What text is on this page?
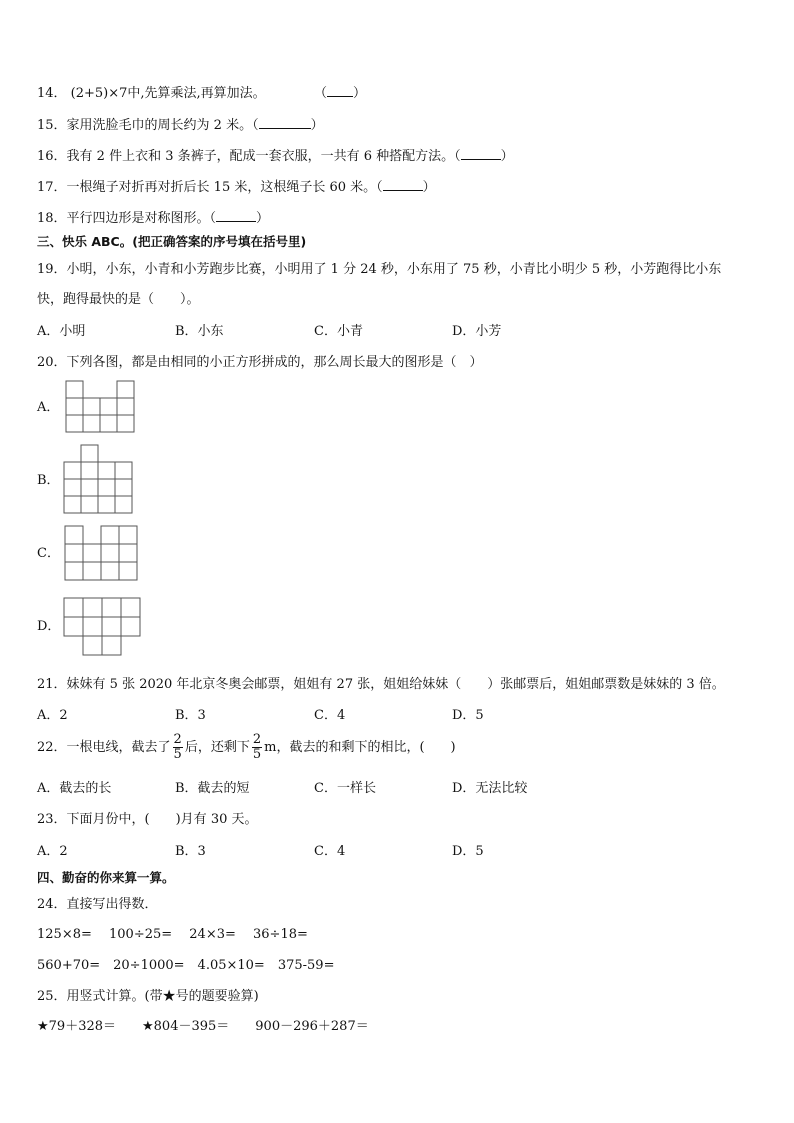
14． (2+5)×7中,先算乘法,再算加法。	（ ）
15．家用洗脸毛巾的周长约为 2 米。（	）
16．我有 2 件上衣和 3 条裤子，配成一套衣服，一共有 6 种搭配方法。（	）
17．一根绳子对折再对折后长 15 米，这根绳子长 60 米。（	）
18．平行四边形是对称图形。（	）
三、快乐 ABC。(把正确答案的序号填在括号里)
19．小明，小东，小青和小芳跑步比赛，小明用了 1 分 24 秒，小东用了 75 秒，小青比小明少 5 秒，小芳跑得比小东
快，跑得最快的是（　　）。
A．小明	B．小东	C．小青	D．小芳
20．下列各图，都是由相同的小正方形拼成的，那么周长最大的图形是（　）
A．
B．
C．
D．
21．妹妹有 5 张 2020 年北京冬奥会邮票，姐姐有 27 张，姐姐给妹妹（　　）张邮票后，姐姐邮票数是妹妹的 3 倍。
A．2	B．3	C．4	D．5
22．一根电线，截去了 $\frac{2}{5}$ 后，还剩下 $\frac{2}{5}$ m，截去的和剩下的相比，(　　)
A．截去的长	B．截去的短	C．一样长	D．无法比较
23．下面月份中，(　　)月有 30 天。
A．2	B．3	C．4	D．5
四、勤奋的你来算一算。
24．直接写出得数．
125×8=　 100÷25=　 24×3=　 36÷18=
560+70=　20÷1000=　4.05×10=　375-59=
25．用竖式计算。(带★号的题要验算)
★79＋328＝　　★804－395＝　　900－296＋287＝
